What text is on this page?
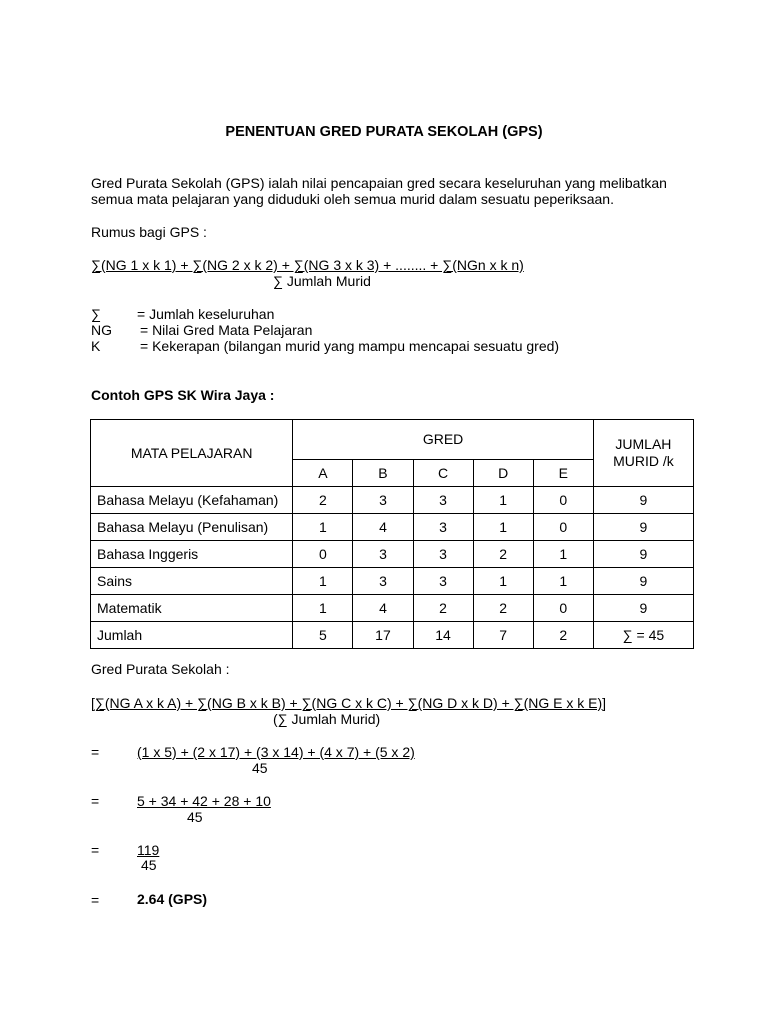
PENENTUAN GRED PURATA SEKOLAH (GPS)
Gred Purata Sekolah (GPS) ialah nilai pencapaian gred secara keseluruhan yang melibatkan
semua mata pelajaran yang diduduki oleh semua murid dalam sesuatu peperiksaan.
Rumus bagi GPS :
∑(NG 1 x k 1) + ∑(NG 2 x k 2) + ∑(NG 3 x k 3) + ........ + ∑(NGn x k n)
∑ Jumlah Murid
∑	= Jumlah keseluruhan
NG = Nilai Gred Mata Pelajaran
K	= Kekerapan (bilangan murid yang mampu mencapai sesuatu gred)
Contoh GPS SK Wira Jaya :
MATA PELAJARAN	GRED					JUMLAH
MURID /k
	A	B	C	D	E	
Bahasa Melayu (Kefahaman)	2	3	3	1	0	9
Bahasa Melayu (Penulisan)	1	4	3	1	0	9
Bahasa Inggeris	0	3	3	2	1	9
Sains	1	3	3	1	1	9
Matematik	1	4	2	2	0	9
Jumlah	5	17	14	7	2	∑ = 45
Gred Purata Sekolah :
[∑(NG A x k A) + ∑(NG B x k B) + ∑(NG C x k C) + ∑(NG D x k D) + ∑(NG E x k E)]
(∑ Jumlah Murid)
=	(1 x 5) + (2 x 17) + (3 x 14) + (4 x 7) + (5 x 2)
45
=	5 + 34 + 42 + 28 + 10
45
=	119
45
=	2.64 (GPS)
